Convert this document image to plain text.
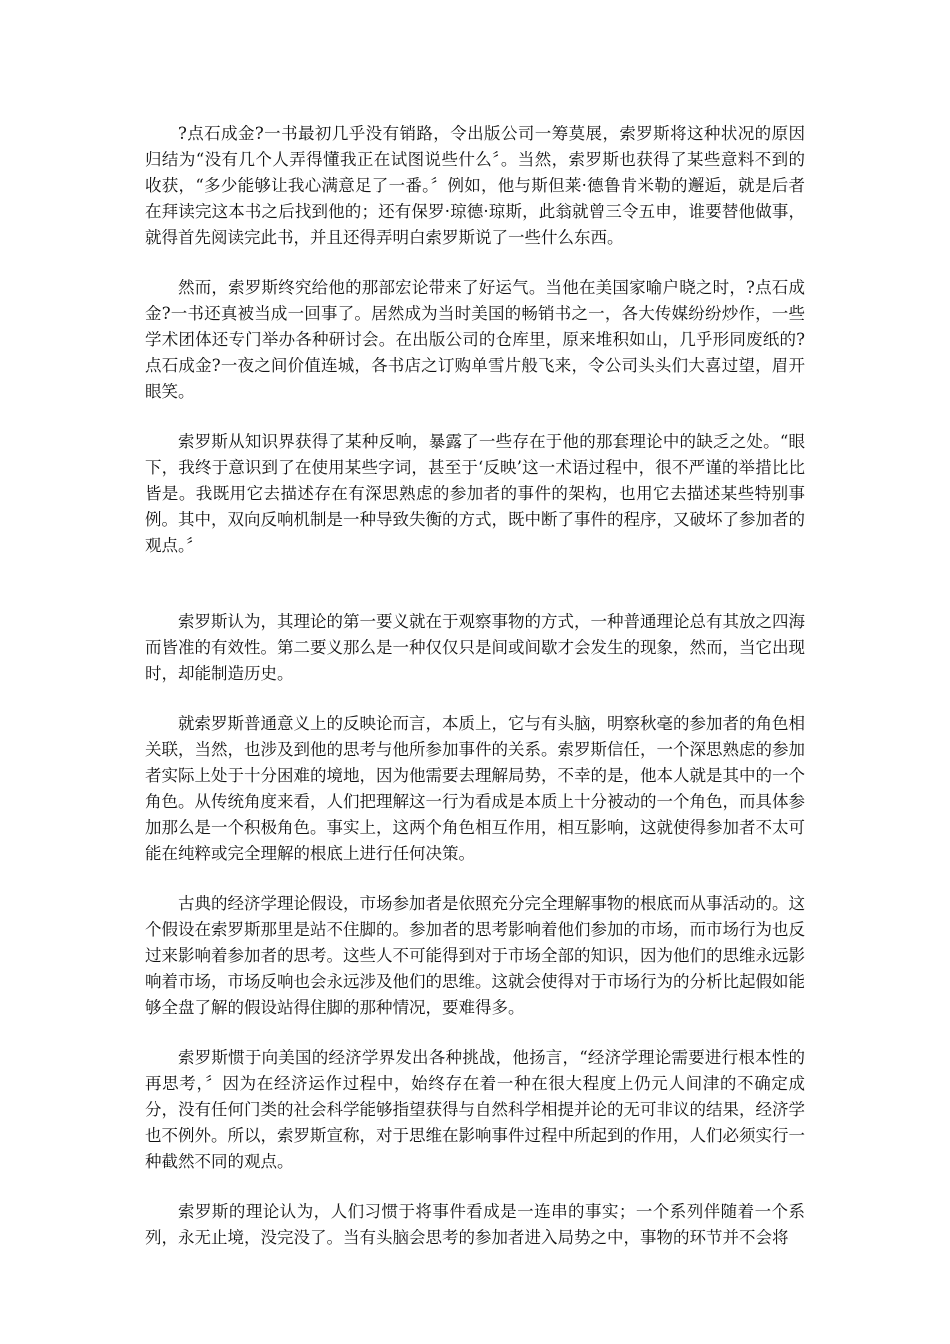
?点石成金?一书最初几乎没有销路，令出版公司一筹莫展，索罗斯将这种状况的原因归结为“没有几个人弄得懂我正在试图说些什么〞。当然，索罗斯也获得了某些意料不到的收获，“多少能够让我心满意足了一番。〞例如，他与斯但莱·德鲁肯米勒的邂逅，就是后者在拜读完这本书之后找到他的；还有保罗·琼德·琼斯，此翁就曾三令五申，谁要替他做事，就得首先阅读完此书，并且还得弄明白索罗斯说了一些什么东西。

然而，索罗斯终究给他的那部宏论带来了好运气。当他在美国家喻户晓之时，?点石成金?一书还真被当成一回事了。居然成为当时美国的畅销书之一，各大传媒纷纷炒作，一些学术团体还专门举办各种研讨会。在出版公司的仓库里，原来堆积如山，几乎形同废纸的?点石成金?一夜之间价值连城，各书店之订购单雪片般飞来，令公司头头们大喜过望，眉开眼笑。

索罗斯从知识界获得了某种反响，暴露了一些存在于他的那套理论中的缺乏之处。“眼下，我终于意识到了在使用某些字词，甚至于‘反映’这一术语过程中，很不严谨的举措比比皆是。我既用它去描述存在有深思熟虑的参加者的事件的架构，也用它去描述某些特别事例。其中，双向反响机制是一种导致失衡的方式，既中断了事件的程序，又破坏了参加者的观点。〞

索罗斯认为，其理论的第一要义就在于观察事物的方式，一种普通理论总有其放之四海而皆准的有效性。第二要义那么是一种仅仅只是间或间歇才会发生的现象，然而，当它出现时，却能制造历史。

就索罗斯普通意义上的反映论而言，本质上，它与有头脑，明察秋毫的参加者的角色相关联，当然，也涉及到他的思考与他所参加事件的关系。索罗斯信任，一个深思熟虑的参加者实际上处于十分困难的境地，因为他需要去理解局势，不幸的是，他本人就是其中的一个角色。从传统角度来看，人们把理解这一行为看成是本质上十分被动的一个角色，而具体参加那么是一个积极角色。事实上，这两个角色相互作用，相互影响，这就使得参加者不太可能在纯粹或完全理解的根底上进行任何决策。

古典的经济学理论假设，市场参加者是依照充分完全理解事物的根底而从事活动的。这个假设在索罗斯那里是站不住脚的。参加者的思考影响着他们参加的市场，而市场行为也反过来影响着参加者的思考。这些人不可能得到对于市场全部的知识，因为他们的思维永远影响着市场，市场反响也会永远涉及他们的思维。这就会使得对于市场行为的分析比起假如能够全盘了解的假设站得住脚的那种情况，要难得多。

索罗斯惯于向美国的经济学界发出各种挑战，他扬言，“经济学理论需要进行根本性的再思考，〞因为在经济运作过程中，始终存在着一种在很大程度上仍元人间津的不确定成分，没有任何门类的社会科学能够指望获得与自然科学相提并论的无可非议的结果，经济学也不例外。所以，索罗斯宣称，对于思维在影响事件过程中所起到的作用，人们必须实行一种截然不同的观点。

索罗斯的理论认为，人们习惯于将事件看成是一连串的事实；一个系列伴随着一个系列，永无止境，没完没了。当有头脑会思考的参加者进入局势之中，事物的环节并不会将
